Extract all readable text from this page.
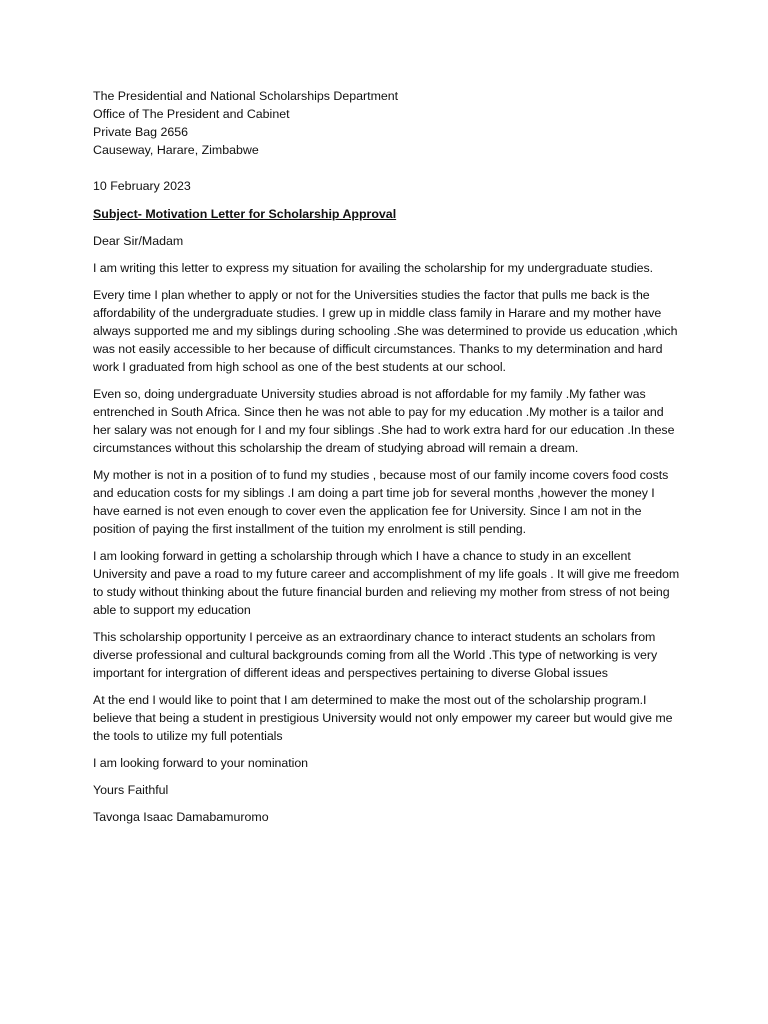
The Presidential and National Scholarships Department
Office of The President and Cabinet
Private Bag 2656
Causeway, Harare, Zimbabwe
10 February 2023
Subject- Motivation Letter for Scholarship Approval
Dear Sir/Madam
I am writing this letter to express my situation for availing the scholarship for my undergraduate studies.
Every time I plan whether to apply or not for the Universities studies the factor that pulls me back is the affordability of the undergraduate studies. I grew up in middle class family in Harare and my mother have always supported me and my siblings during schooling .She was determined to provide us education ,which was not easily accessible to her because of difficult circumstances. Thanks to my determination and hard work I graduated from high school as one of the best students at our school.
Even so, doing undergraduate University studies abroad is not affordable for my family .My father was entrenched in South Africa. Since then he was not able to pay for my education .My mother is a tailor and her salary was not enough for I and my four siblings .She had to work extra hard for our education .In these circumstances without this scholarship the dream of studying abroad will remain a dream.
My mother is not in a position of to fund my studies , because most of our family income covers food costs and education costs for my siblings .I am doing a part time job for several months ,however the money I have earned is not even enough to cover even the application fee for University. Since I am not in the position of paying the first installment of the tuition my enrolment is still pending.
I am looking forward in getting a scholarship through which I have a chance to study in an excellent University and pave a road to my future career and accomplishment of my life goals . It will give me freedom to study without thinking about the future financial burden and relieving my mother from stress of not being able to support my education
This scholarship opportunity I perceive as an extraordinary chance to interact students an scholars from diverse professional and cultural backgrounds coming from all the World .This type of networking is very important for intergration of different ideas and perspectives pertaining to diverse Global issues
At the end I would like to point that I am determined to make the most out of the scholarship program.I believe that being a student in prestigious University would not only empower my career but would give me the tools to utilize my full potentials
I am looking forward to your nomination
Yours Faithful
Tavonga Isaac Damabamuromo
